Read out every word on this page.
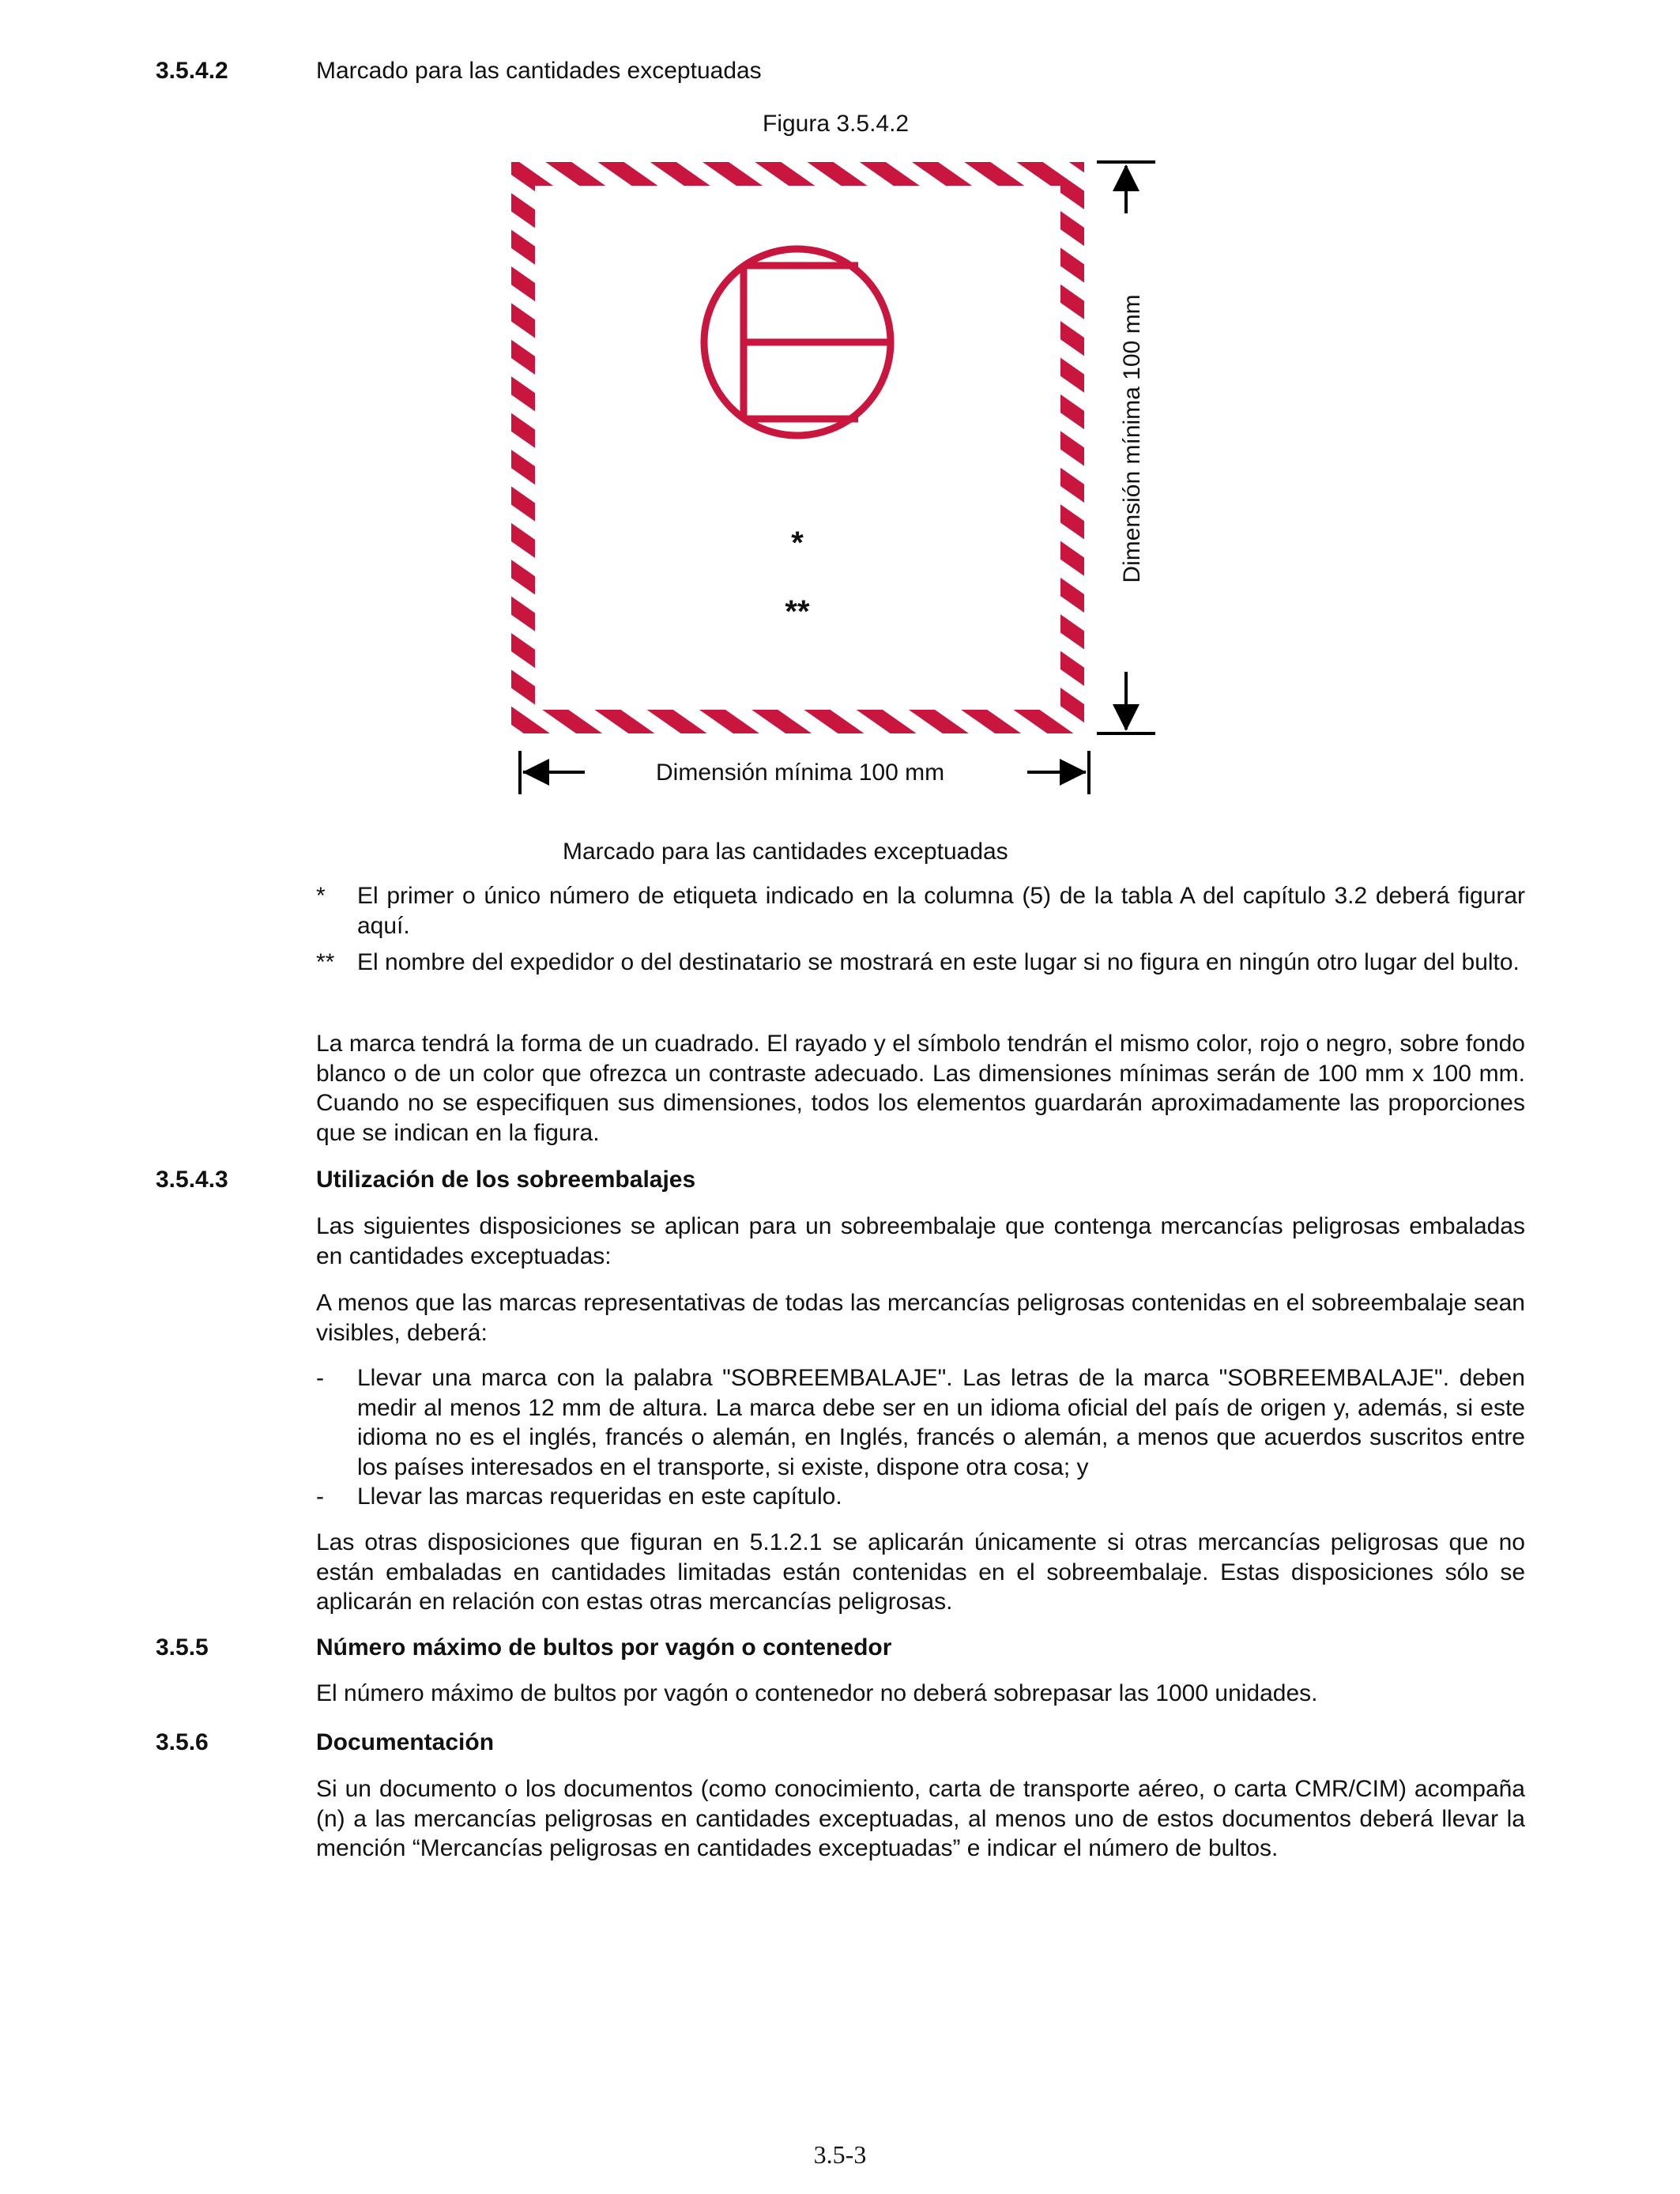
3.5.4.2	Marcado para las cantidades exceptuadas
Figura 3.5.4.2
*
**
Dimensión mínima 100 mm
Dimensión mínima 100 mm
Marcado para las cantidades exceptuadas
* El primer o único número de etiqueta indicado en la columna (5) de la tabla A del capítulo 3.2 deberá figurar aquí.
** El nombre del expedidor o del destinatario se mostrará en este lugar si no figura en ningún otro lugar del bulto.
La marca tendrá la forma de un cuadrado. El rayado y el símbolo tendrán el mismo color, rojo o negro, sobre fondo blanco o de un color que ofrezca un contraste adecuado. Las dimensiones mínimas serán de 100 mm x 100 mm. Cuando no se especifiquen sus dimensiones, todos los elementos guardarán aproximadamente las proporciones que se indican en la figura.
3.5.4.3	Utilización de los sobreembalajes
Las siguientes disposiciones se aplican para un sobreembalaje que contenga mercancías peligrosas embaladas en cantidades exceptuadas:
A menos que las marcas representativas de todas las mercancías peligrosas contenidas en el sobreembalaje sean visibles, deberá:
- Llevar una marca con la palabra "SOBREEMBALAJE". Las letras de la marca "SOBREEMBALAJE". deben medir al menos 12 mm de altura. La marca debe ser en un idioma oficial del país de origen y, además, si este idioma no es el inglés, francés o alemán, en Inglés, francés o alemán, a menos que acuerdos suscritos entre los países interesados en el transporte, si existe, dispone otra cosa; y
- Llevar las marcas requeridas en este capítulo.
Las otras disposiciones que figuran en 5.1.2.1 se aplicarán únicamente si otras mercancías peligrosas que no están embaladas en cantidades limitadas están contenidas en el sobreembalaje. Estas disposiciones sólo se aplicarán en relación con estas otras mercancías peligrosas.
3.5.5	Número máximo de bultos por vagón o contenedor
El número máximo de bultos por vagón o contenedor no deberá sobrepasar las 1000 unidades.
3.5.6	Documentación
Si un documento o los documentos (como conocimiento, carta de transporte aéreo, o carta CMR/CIM) acompaña (n) a las mercancías peligrosas en cantidades exceptuadas, al menos uno de estos documentos deberá llevar la mención “Mercancías peligrosas en cantidades exceptuadas” e indicar el número de bultos.
3.5-3
